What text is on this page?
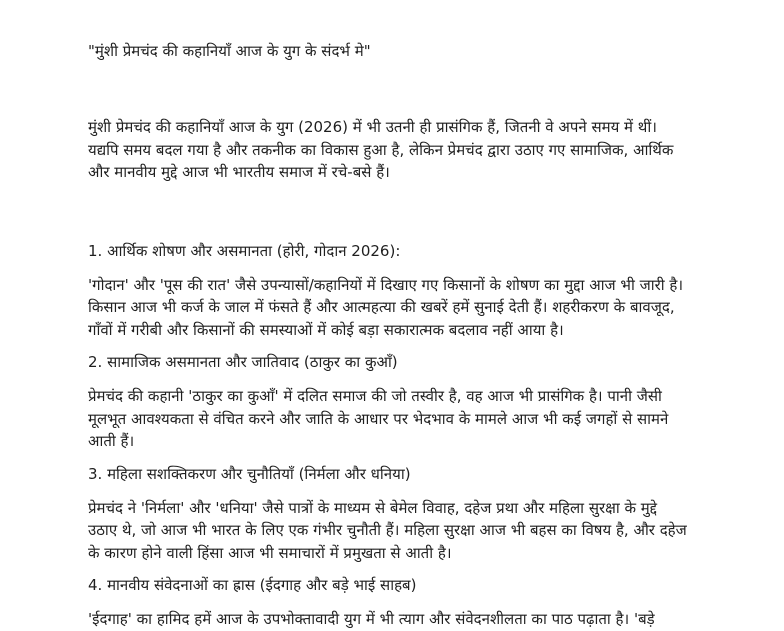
"मुंशी प्रेमचंद की कहानियाँ आज के युग के संदर्भ मे"

मुंशी प्रेमचंद की कहानियाँ आज के युग (2026) में भी उतनी ही प्रासंगिक हैं, जितनी वे अपने समय में थीं। यद्यपि समय बदल गया है और तकनीक का विकास हुआ है, लेकिन प्रेमचंद द्वारा उठाए गए सामाजिक, आर्थिक और मानवीय मुद्दे आज भी भारतीय समाज में रचे-बसे हैं।

1. आर्थिक शोषण और असमानता (होरी, गोदान 2026):

'गोदान' और 'पूस की रात' जैसे उपन्यासों/कहानियों में दिखाए गए किसानों के शोषण का मुद्दा आज भी जारी है। किसान आज भी कर्ज के जाल में फंसते हैं और आत्महत्या की खबरें हमें सुनाई देती हैं। शहरीकरण के बावजूद, गाँवों में गरीबी और किसानों की समस्याओं में कोई बड़ा सकारात्मक बदलाव नहीं आया है।

2. सामाजिक असमानता और जातिवाद (ठाकुर का कुआँ)

प्रेमचंद की कहानी 'ठाकुर का कुआँ' में दलित समाज की जो तस्वीर है, वह आज भी प्रासंगिक है। पानी जैसी मूलभूत आवश्यकता से वंचित करने और जाति के आधार पर भेदभाव के मामले आज भी कई जगहों से सामने आती हैं।

3. महिला सशक्तिकरण और चुनौतियाँ (निर्मला और धनिया)

प्रेमचंद ने 'निर्मला' और 'धनिया' जैसे पात्रों के माध्यम से बेमेल विवाह, दहेज प्रथा और महिला सुरक्षा के मुद्दे उठाए थे, जो आज भी भारत के लिए एक गंभीर चुनौती हैं। महिला सुरक्षा आज भी बहस का विषय है, और दहेज के कारण होने वाली हिंसा आज भी समाचारों में प्रमुखता से आती है।

4. मानवीय संवेदनाओं का ह्रास (ईदगाह और बड़े भाई साहब)

'ईदगाह' का हामिद हमें आज के उपभोक्तावादी युग में भी त्याग और संवेदनशीलता का पाठ पढ़ाता है। 'बड़े
